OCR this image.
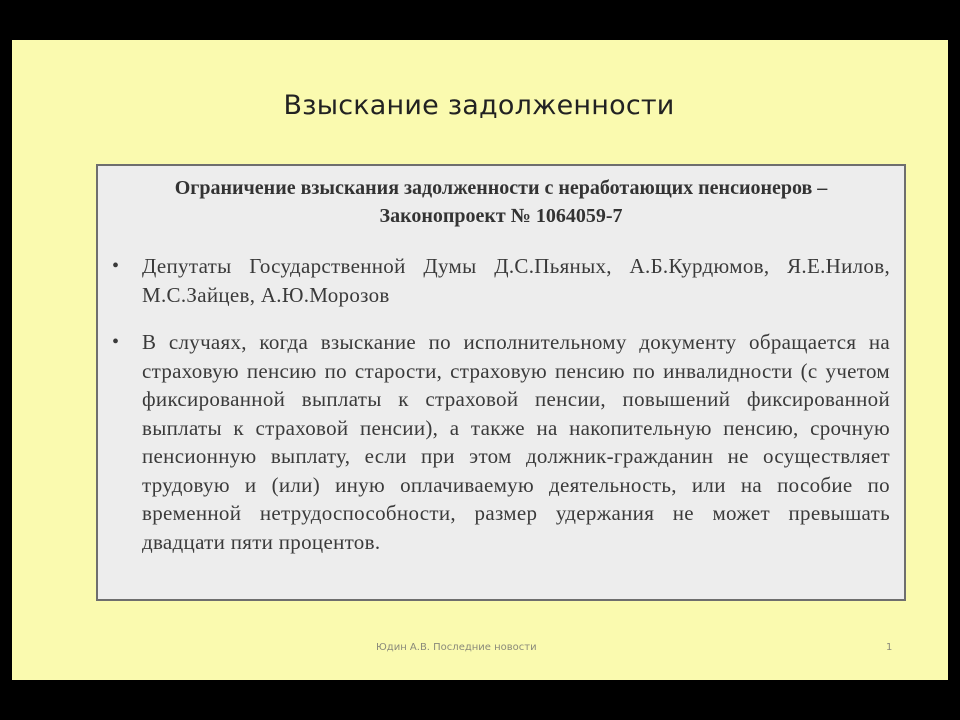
Взыскание задолженности
Ограничение взыскания задолженности с неработающих пенсионеров – Законопроект № 1064059-7
•	Депутаты Государственной Думы Д.С.Пьяных, А.Б.Курдюмов, Я.Е.Нилов, М.С.Зайцев, А.Ю.Морозов
•	В случаях, когда взыскание по исполнительному документу обращается на страховую пенсию по старости, страховую пенсию по инвалидности (с учетом фиксированной выплаты к страховой пенсии, повышений фиксированной выплаты к страховой пенсии), а также на накопительную пенсию, срочную пенсионную выплату, если при этом должник-гражданин не осуществляет трудовую и (или) иную оплачиваемую деятельность, или на пособие по временной нетрудоспособности, размер удержания не может превышать двадцати пяти процентов.
Юдин А.В. Последние новости	1
